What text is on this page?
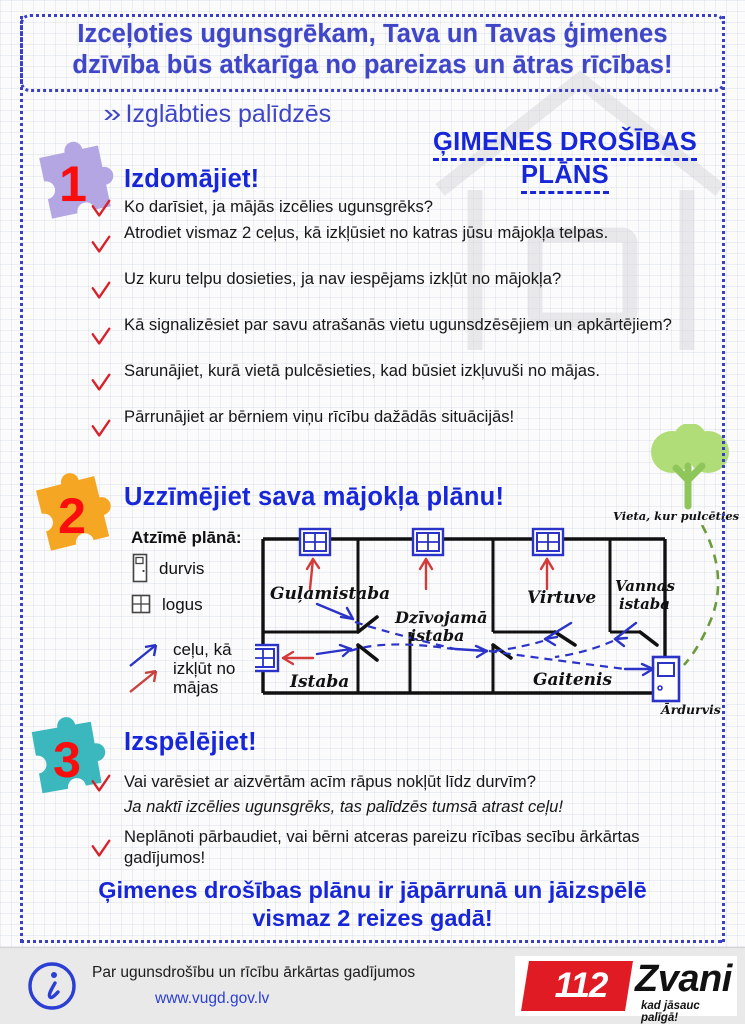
Izceļoties ugunsgrēkam, Tava un Tavas ģimenes
dzīvība būs atkarīga no pareizas un ātras rīcības!
» Izglābties palīdzēs
ĢIMENES DROŠĪBAS
PLĀNS
1	Izdomājiet!
Ko darīsiet, ja mājās izcēlies ugunsgrēks?
Atrodiet vismaz 2 ceļus, kā izkļūsiet no katras jūsu mājokļa telpas.
Uz kuru telpu dosieties, ja nav iespējams izkļūt no mājokļa?
Kā signalizēsiet par savu atrašanās vietu ugunsdzēsējiem un apkārtējiem?
Sarunājiet, kurā vietā pulcēsieties, kad būsiet izkļuvuši no mājas.
Pārrunājiet ar bērniem viņu rīcību dažādās situācijās!
2	Uzzīmējiet sava mājokļa plānu!
Atzīmē plānā:
durvis
logus
ceļu, kā izkļūt no mājas
Guļamistaba
Dzīvojamā
istaba
Virtuve
Vannas
istaba
Istaba	Gaitenis
Vieta, kur pulcēties
Ārdurvis
3	Izspēlējiet!
Vai varēsiet ar aizvērtām acīm rāpus nokļūt līdz durvīm?
Ja naktī izcēlies ugunsgrēks, tas palīdzēs tumsā atrast ceļu!
Neplānoti pārbaudiet, vai bērni atceras pareizu rīcības secību ārkārtas gadījumos!
Ģimenes drošības plānu ir jāpārrunā un jāizspēlē
vismaz 2 reizes gadā!
Par ugunsdrošību un rīcību ārkārtas gadījumos
www.vugd.gov.lv	112 Zvani
kad jāsauc palīgā!
